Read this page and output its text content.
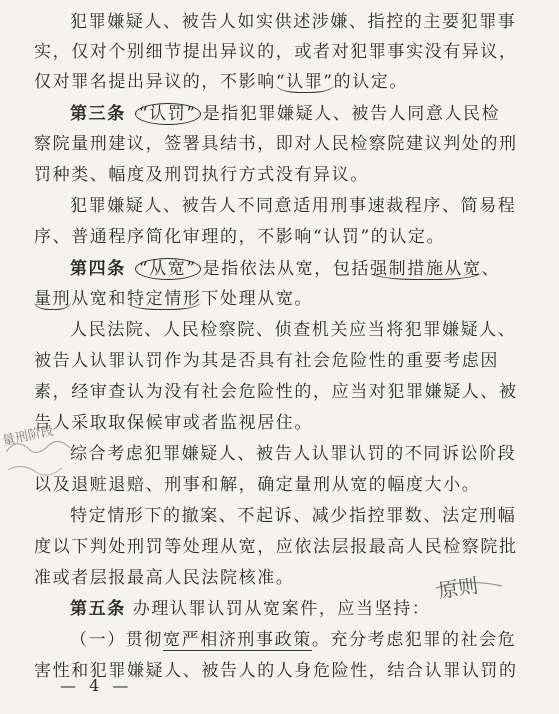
犯罪嫌疑人、被告人如实供述涉嫌、指控的主要犯罪事
实，仅对个别细节提出异议的，或者对犯罪事实没有异议，
仅对罪名提出异议的，不影响“认罪”的认定。
第三条 “认罚” 是指犯罪嫌疑人、被告人同意人民检
察院量刑建议，签署具结书，即对人民检察院建议判处的刑
罚种类、幅度及刑罚执行方式没有异议。
犯罪嫌疑人、被告人不同意适用刑事速裁程序、简易程
序、普通程序简化审理的，不影响“认罚”的认定。
第四条 “从宽” 是指依法从宽，包括强制措施从宽、
量刑从宽和特定情形下处理从宽。
人民法院、人民检察院、侦查机关应当将犯罪嫌疑人、
被告人认罪认罚作为其是否具有社会危险性的重要考虑因
素，经审查认为没有社会危险性的，应当对犯罪嫌疑人、被
告人采取取保候审或者监视居住。
综合考虑犯罪嫌疑人、被告人认罪认罚的不同诉讼阶段
以及退赃退赔、刑事和解，确定量刑从宽的幅度大小。
特定情形下的撤案、不起诉、减少指控罪数、法定刑幅
度以下判处刑罚等处理从宽，应依法层报最高人民检察院批
准或者层报最高人民法院核准。
第五条 办理认罪认罚从宽案件，应当坚持：
（一）贯彻宽严相济刑事政策。充分考虑犯罪的社会危
害性和犯罪嫌疑人、被告人的人身危险性，结合认罪认罚的
— 4 —
原则
量刑阶段
